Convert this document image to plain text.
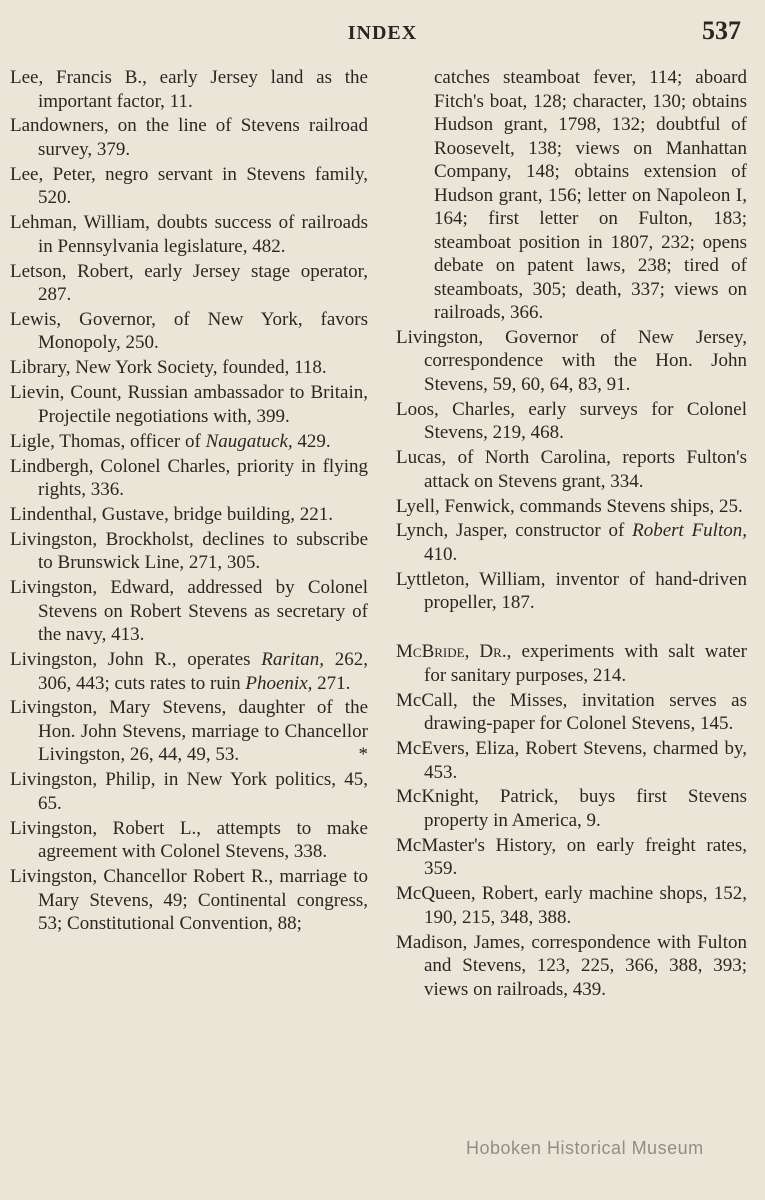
INDEX	537

Lee, Francis B., early Jersey land as the important factor, 11.

Landowners, on the line of Stevens railroad survey, 379.

Lee, Peter, negro servant in Stevens family, 520.

Lehman, William, doubts success of railroads in Pennsylvania legislature, 482.

Letson, Robert, early Jersey stage operator, 287.

Lewis, Governor, of New York, favors Monopoly, 250.

Library, New York Society, founded, 118.

Lievin, Count, Russian ambassador to Britain, Projectile negotiations with, 399.

Ligle, Thomas, officer of Naugatuck, 429.

Lindbergh, Colonel Charles, priority in flying rights, 336.

Lindenthal, Gustave, bridge building, 221.

Livingston, Brockholst, declines to subscribe to Brunswick Line, 271, 305.

Livingston, Edward, addressed by Colonel Stevens on Robert Stevens as secretary of the navy, 413.

Livingston, John R., operates Raritan, 262, 306, 443; cuts rates to ruin Phoenix, 271.

Livingston, Mary Stevens, daughter of the Hon. John Stevens, marriage to Chancellor Livingston, 26, 44, 49, 53.	*

Livingston, Philip, in New York politics, 45, 65.

Livingston, Robert L., attempts to make agreement with Colonel Stevens, 338.

Livingston, Chancellor Robert R., marriage to Mary Stevens, 49; Continental congress, 53; Constitutional Convention, 88;

catches steamboat fever, 114; aboard Fitch's boat, 128; character, 130; obtains Hudson grant, 1798, 132; doubtful of Roosevelt, 138; views on Manhattan Company, 148; obtains extension of Hudson grant, 156; letter on Napoleon I, 164; first letter on Fulton, 183; steamboat position in 1807, 232; opens debate on patent laws, 238; tired of steamboats, 305; death, 337; views on railroads, 366.

Livingston, Governor of New Jersey, correspondence with the Hon. John Stevens, 59, 60, 64, 83, 91.

Loos, Charles, early surveys for Colonel Stevens, 219, 468.

Lucas, of North Carolina, reports Fulton's attack on Stevens grant, 334.

Lyell, Fenwick, commands Stevens ships, 25.

Lynch, Jasper, constructor of Robert Fulton, 410.

Lyttleton, William, inventor of hand-driven propeller, 187.

McBride, Dr., experiments with salt water for sanitary purposes, 214.

McCall, the Misses, invitation serves as drawing-paper for Colonel Stevens, 145.

McEvers, Eliza, Robert Stevens, charmed by, 453.

McKnight, Patrick, buys first Stevens property in America, 9.

McMaster's History, on early freight rates, 359.

McQueen, Robert, early machine shops, 152, 190, 215, 348, 388.

Madison, James, correspondence with Fulton and Stevens, 123, 225, 366, 388, 393; views on railroads, 439.

Hoboken Historical Museum
